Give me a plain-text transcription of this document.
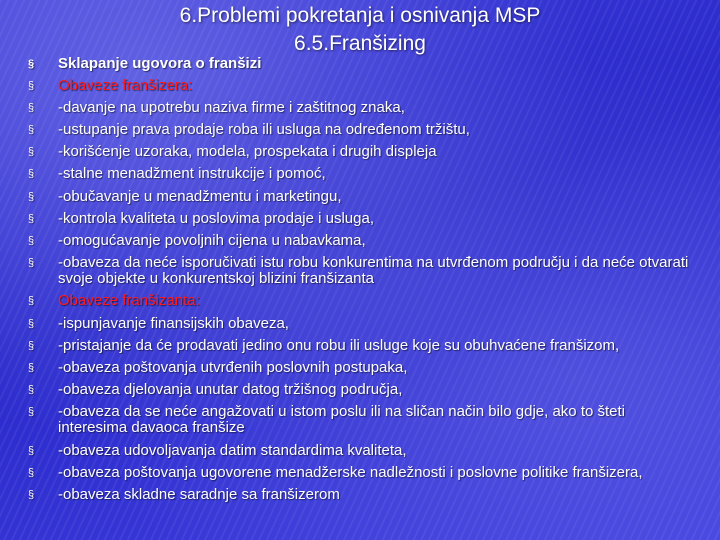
6.Problemi pokretanja i osnivanja MSP
6.5.Franšizing
§ Sklapanje ugovora o franšizi
§ Obaveze franšizera:
§ -davanje na upotrebu naziva firme i zaštitnog znaka,
§ -ustupanje prava prodaje roba ili usluga na određenom tržištu,
§ -korišćenje uzoraka, modela, prospekata i drugih displeja
§ -stalne menadžment instrukcije i pomoć,
§ -obučavanje u menadžmentu i marketingu,
§ -kontrola kvaliteta u poslovima prodaje i usluga,
§ -omogućavanje povoljnih cijena u nabavkama,
§ -obaveza da neće isporučivati istu robu konkurentima na utvrđenom području i da neće otvarati svoje objekte u konkurentskoj blizini franšizanta
§ Obaveze franšizanta:
§ -ispunjavanje finansijskih obaveza,
§ -pristajanje da će prodavati jedino onu robu ili usluge koje su obuhvaćene franšizom,
§ -obaveza poštovanja utvrđenih poslovnih postupaka,
§ -obaveza djelovanja unutar datog tržišnog područja,
§ -obaveza da se neće angažovati u istom poslu ili na sličan način bilo gdje, ako to šteti interesima davaoca franšize
§ -obaveza udovoljavanja datim standardima kvaliteta,
§ -obaveza poštovanja ugovorene menadžerske nadležnosti i poslovne politike franšizera,
§ -obaveza skladne saradnje sa franšizerom
